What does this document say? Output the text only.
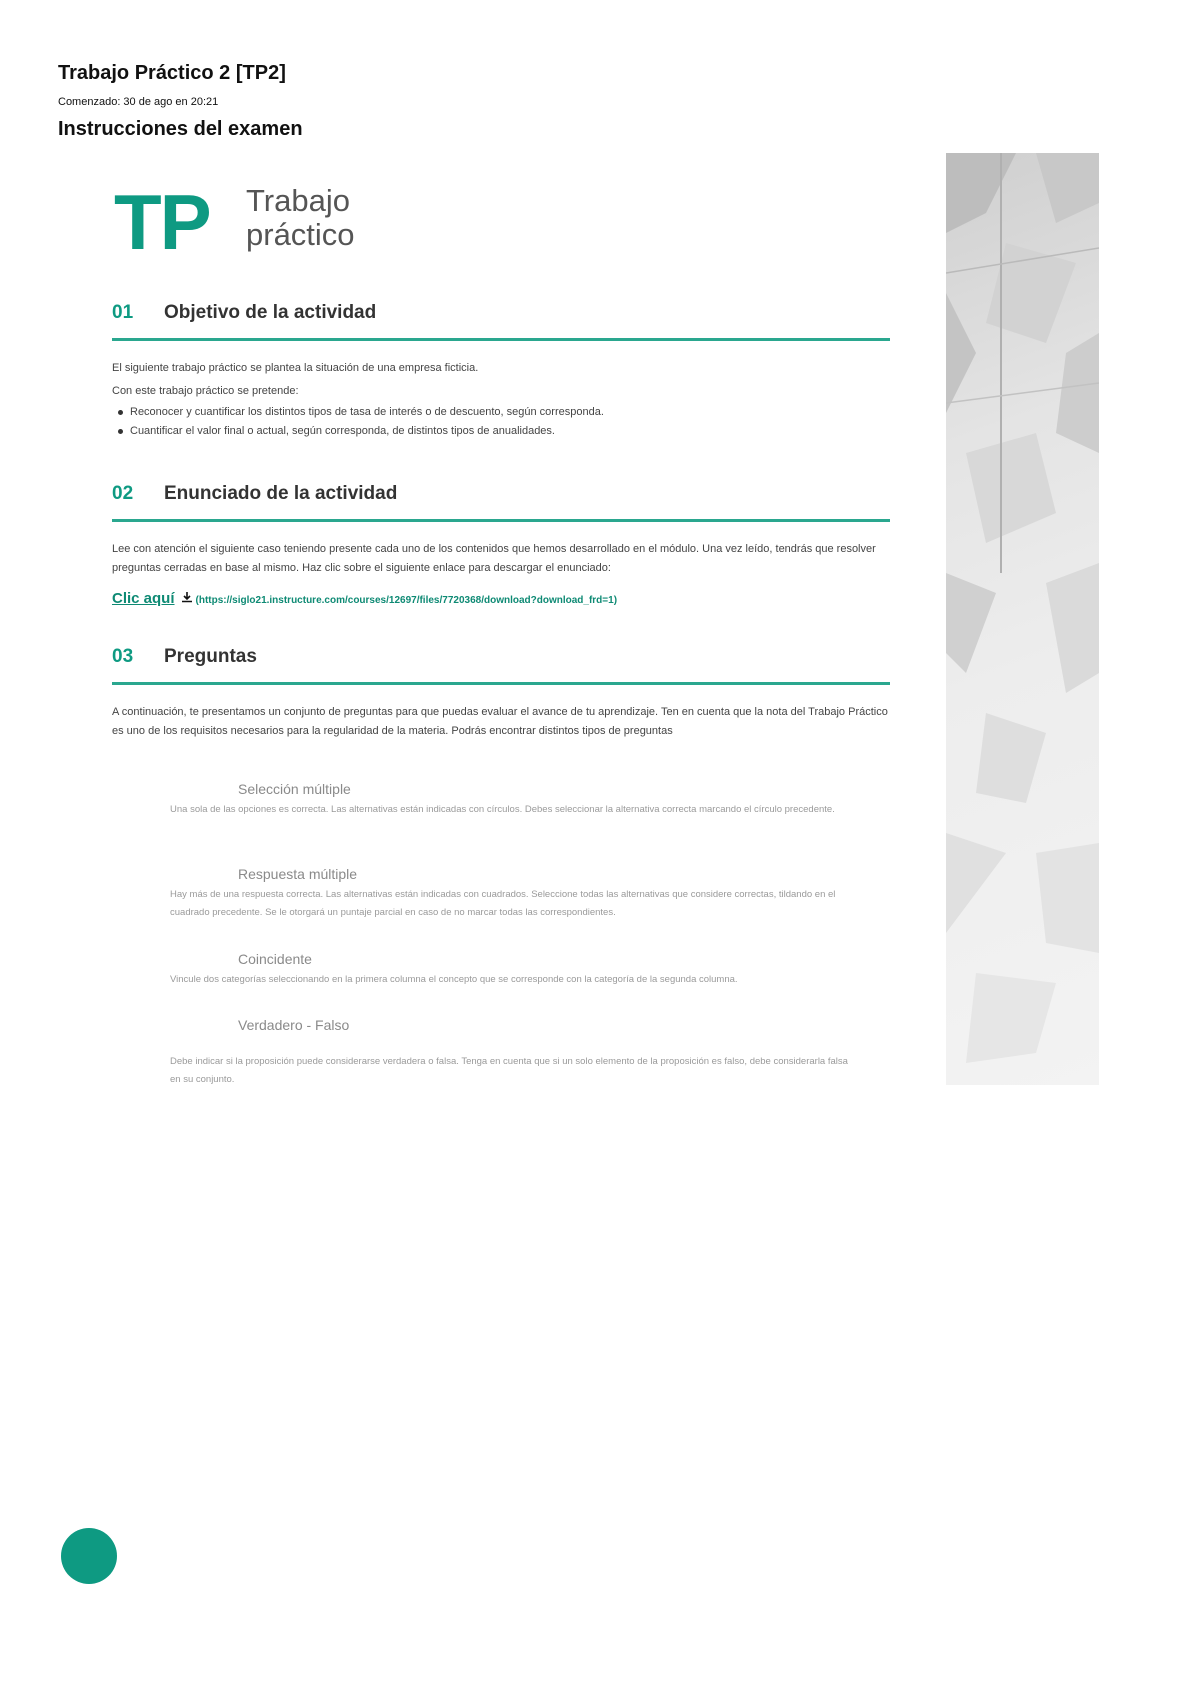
Trabajo Práctico 2 [TP2]
Comenzado: 30 de ago en 20:21
Instrucciones del examen
TP Trabajo
práctico
01 Objetivo de la actividad

El siguiente trabajo práctico se plantea la situación de una empresa ficticia.

Con este trabajo práctico se pretende:

Reconocer y cuantificar los distintos tipos de tasa de interés o de descuento, según corresponda.
Cuantificar el valor final o actual, según corresponda, de distintos tipos de anualidades.
02 Enunciado de la actividad

Lee con atención el siguiente caso teniendo presente cada uno de los contenidos que hemos desarrollado en el módulo. Una vez leído, tendrás que resolver preguntas cerradas en base al mismo. Haz clic sobre el siguiente enlace para descargar el enunciado:

Clic aquí (https://siglo21.instructure.com/courses/12697/files/7720368/download?download_frd=1)
03 Preguntas

A continuación, te presentamos un conjunto de preguntas para que puedas evaluar el avance de tu aprendizaje. Ten en cuenta que la nota del Trabajo Práctico es uno de los requisitos necesarios para la regularidad de la materia. Podrás encontrar distintos tipos de preguntas

Selección múltiple
Una sola de las opciones es correcta. Las alternativas están indicadas con círculos. Debes seleccionar la alternativa correcta marcando el círculo precedente.
Respuesta múltiple
Hay más de una respuesta correcta. Las alternativas están indicadas con cuadrados. Seleccione todas las alternativas que considere correctas, tildando en el cuadrado precedente. Se le otorgará un puntaje parcial en caso de no marcar todas las correspondientes.
Coincidente
Vincule dos categorías seleccionando en la primera columna el concepto que se corresponde con la categoría de la segunda columna.
Verdadero - Falso
Debe indicar si la proposición puede considerarse verdadera o falsa. Tenga en cuenta que si un solo elemento de la proposición es falso, debe considerarla falsa en su conjunto.
